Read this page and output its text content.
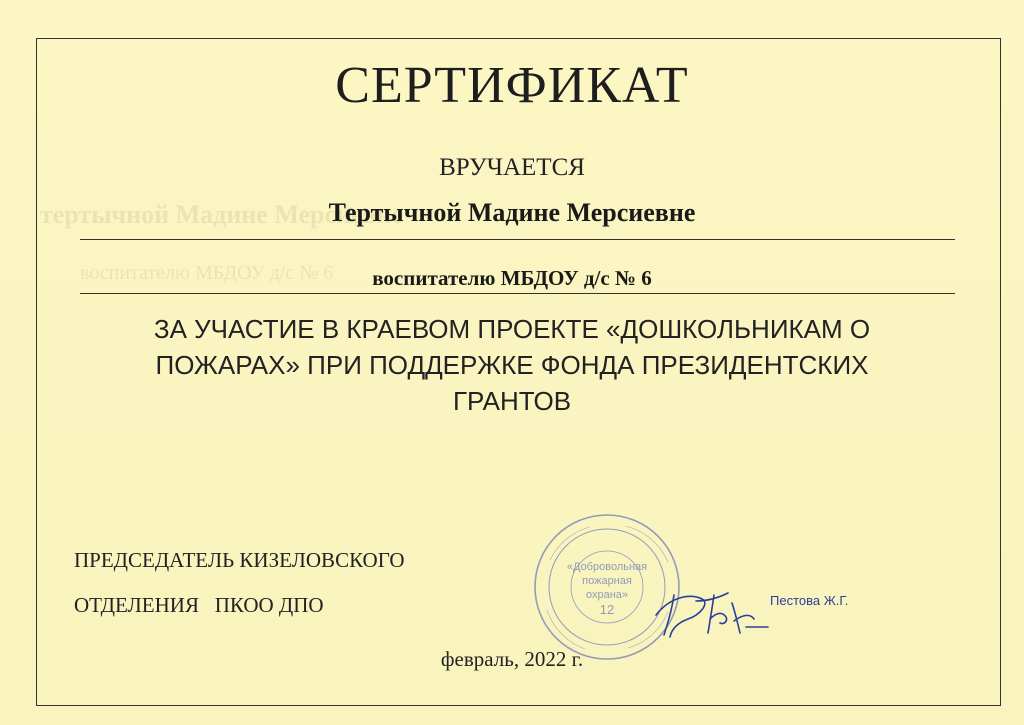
тертычной Мадине Мерсиевне
воспитателю МБДОУ д/с № 6
СЕРТИФИКАТ
ВРУЧАЕТСЯ
Тертычной Мадине Мерсиевне
воспитателю МБДОУ д/с № 6
ЗА УЧАСТИЕ В КРАЕВОМ ПРОЕКТЕ «ДОШКОЛЬНИКАМ О
ПОЖАРАХ» ПРИ ПОДДЕРЖКЕ ФОНДА ПРЕЗИДЕНТСКИХ
ГРАНТОВ
ПРЕДСЕДАТЕЛЬ КИЗЕЛОВСКОГО
ОТДЕЛЕНИЯ   ПКОО ДПО
«Добровольная
пожарная
охрана»
12
Пестова Ж.Г.
февраль, 2022 г.
